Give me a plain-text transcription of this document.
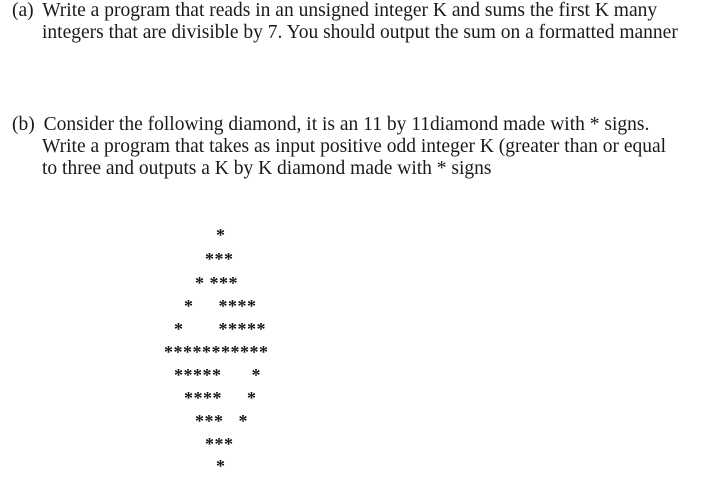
(a) Write a program that reads in an unsigned integer K and sums the first K many
integers that are divisible by 7. You should output the sum on a formatted manner
(b) Consider the following diamond, it is an 11 by 11diamond made with * signs.
Write a program that takes as input positive odd integer K (greater than or equal
to three and outputs a K by K diamond made with * signs
*
***
* ***
*     ****
*       *****
***********
*****      *
****     *
***   *
***
*
